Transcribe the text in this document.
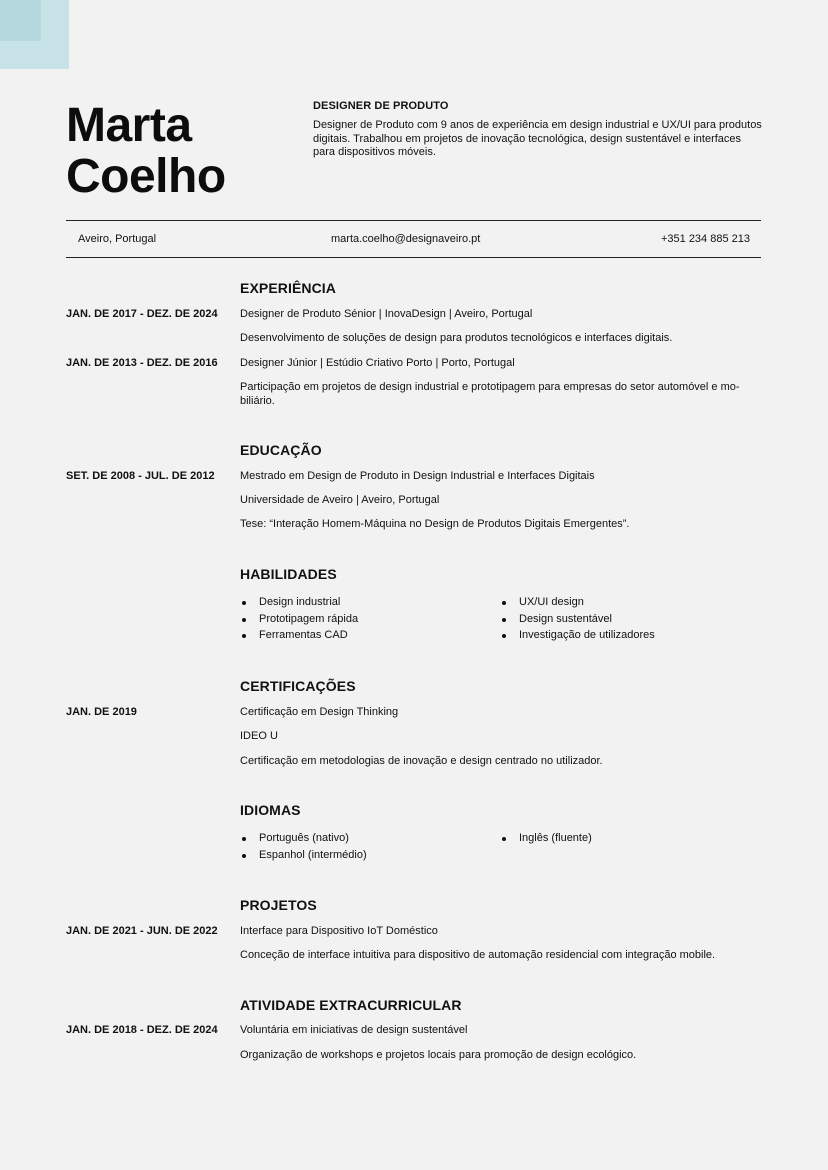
Marta
Coelho
DESIGNER DE PRODUTO
Designer de Produto com 9 anos de experiência em design industrial e UX/UI para produtos digitais. Trabalhou em projetos de inovação tecnológica, design sustentável e interfaces para dispositivos móveis.
Aveiro, Portugal	marta.coelho@designaveiro.pt	+351 234 885 213
EXPERIÊNCIA
JAN. DE 2017 - DEZ. DE 2024 Designer de Produto Sénior | InovaDesign | Aveiro, Portugal
Desenvolvimento de soluções de design para produtos tecnológicos e interfaces digitais.
JAN. DE 2013 - DEZ. DE 2016 Designer Júnior | Estúdio Criativo Porto | Porto, Portugal
Participação em projetos de design industrial e prototipagem para empresas do setor automóvel e mo-biliário.
EDUCAÇÃO
SET. DE 2008 - JUL. DE 2012 Mestrado em Design de Produto in Design Industrial e Interfaces Digitais
Universidade de Aveiro | Aveiro, Portugal
Tese: “Interação Homem-Máquina no Design de Produtos Digitais Emergentes”.
HABILIDADES
Design industrial
Prototipagem rápida
Ferramentas CAD
UX/UI design
Design sustentável
Investigação de utilizadores
CERTIFICAÇÕES
JAN. DE 2019	Certificação em Design Thinking
IDEO U
Certificação em metodologias de inovação e design centrado no utilizador.
IDIOMAS
Português (nativo)
Espanhol (intermédio)
Inglês (fluente)
PROJETOS
JAN. DE 2021 - JUN. DE 2022 Interface para Dispositivo IoT Doméstico
Conceção de interface intuitiva para dispositivo de automação residencial com integração mobile.
ATIVIDADE EXTRACURRICULAR
JAN. DE 2018 - DEZ. DE 2024 Voluntária em iniciativas de design sustentável
Organização de workshops e projetos locais para promoção de design ecológico.
